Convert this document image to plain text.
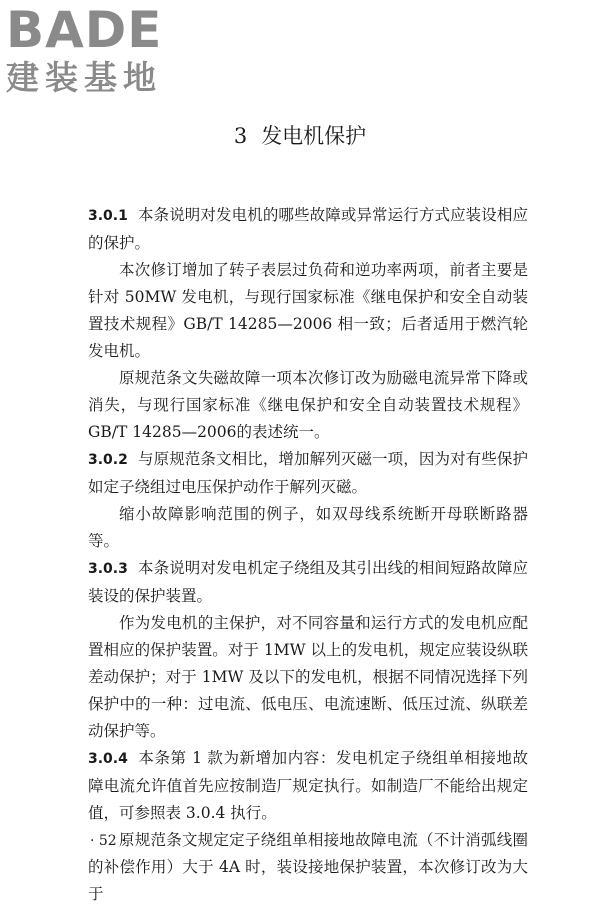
BADE
建装基地
3 发电机保护

3.0.1 本条说明对发电机的哪些故障或异常运行方式应装设相应的保护。

本次修订增加了转子表层过负荷和逆功率两项，前者主要是针对 50MW 发电机，与现行国家标准《继电保护和安全自动装置技术规程》GB/T 14285—2006 相一致；后者适用于燃汽轮发电机。

原规范条文失磁故障一项本次修订改为励磁电流异常下降或消失，与现行国家标准《继电保护和安全自动装置技术规程》GB/T 14285—2006的表述统一。

3.0.2 与原规范条文相比，增加解列灭磁一项，因为对有些保护如定子绕组过电压保护动作于解列灭磁。

缩小故障影响范围的例子，如双母线系统断开母联断路器等。

3.0.3 本条说明对发电机定子绕组及其引出线的相间短路故障应装设的保护装置。

作为发电机的主保护，对不同容量和运行方式的发电机应配置相应的保护装置。对于 1MW 以上的发电机，规定应装设纵联差动保护；对于 1MW 及以下的发电机，根据不同情况选择下列保护中的一种：过电流、低电压、电流速断、低压过流、纵联差动保护等。

3.0.4 本条第 1 款为新增加内容：发电机定子绕组单相接地故障电流允许值首先应按制造厂规定执行。如制造厂不能给出规定值，可参照表 3.0.4 执行。

原规范条文规定定子绕组单相接地故障电流（不计消弧线圈的补偿作用）大于 4A 时，装设接地保护装置，本次修订改为大于

· 52 ·
